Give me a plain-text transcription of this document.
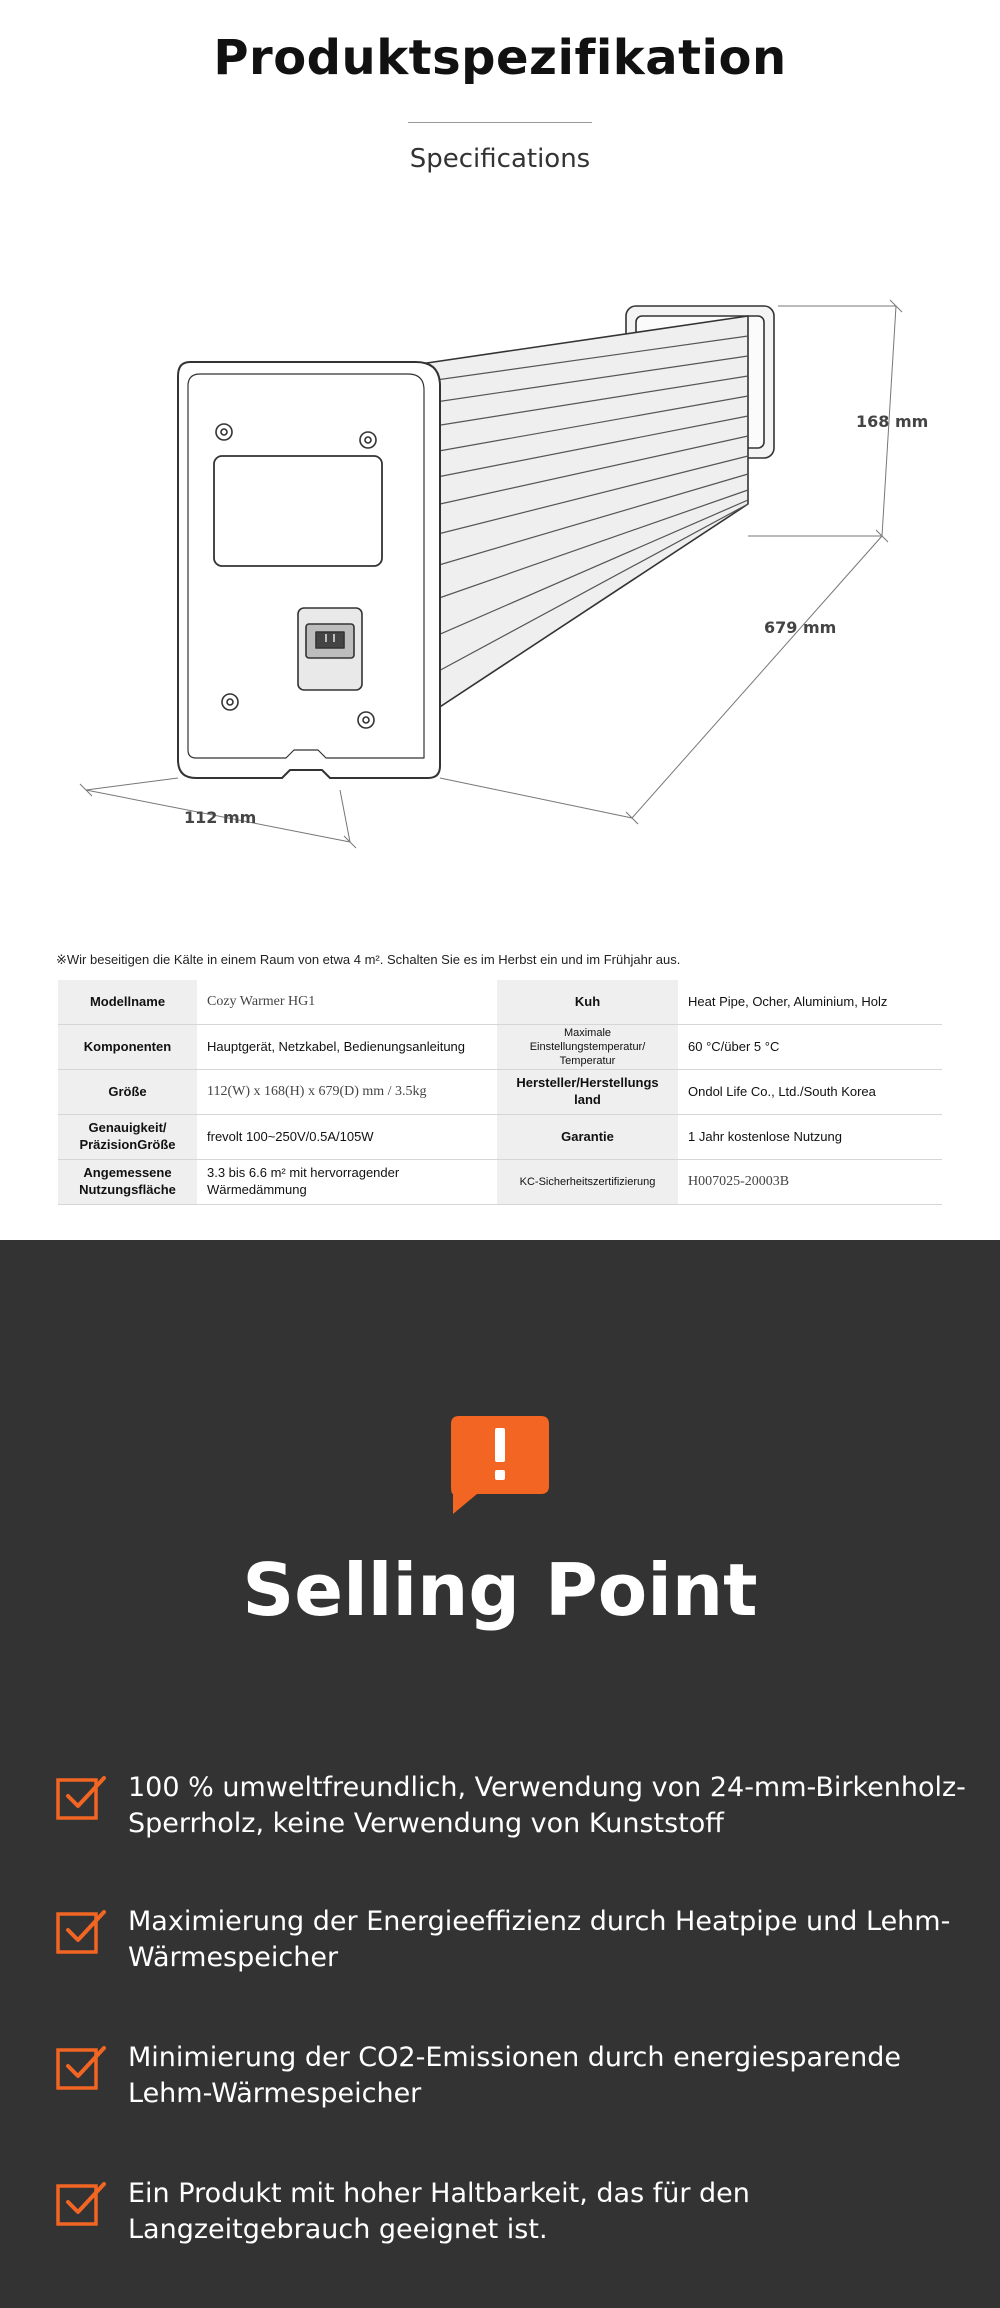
Produktspezifikation
Specifications
168 mm
679 mm
112 mm
※Wir beseitigen die Kälte in einem Raum von etwa 4 m². Schalten Sie es im Herbst ein und im Frühjahr aus.
Modellname	Cozy Warmer HG1	Kuh	Heat Pipe, Ocher, Aluminium, Holz
Komponenten	Hauptgerät, Netzkabel, Bedienungsanleitung	Maximale Einstellungstemperatur/ Temperatur	60 °C/über 5 °C
Größe	112(W) x 168(H) x 679(D) mm / 3.5kg	Hersteller/Herstellungs land	Ondol Life Co., Ltd./South Korea
Genauigkeit/ PräzisionGröße	frevolt 100~250V/0.5A/105W	Garantie	1 Jahr kostenlose Nutzung
Angemessene Nutzungsfläche	3.3 bis 6.6 m² mit hervorragender Wärmedämmung	KC-Sicherheitszertifizierung	H007025-20003B
Selling Point
100 % umweltfreundlich, Verwendung von 24-mm-Birkenholz-Sperrholz, keine Verwendung von Kunststoff
Maximierung der Energieeffizienz durch Heatpipe und Lehm-Wärmespeicher
Minimierung der CO2-Emissionen durch energiesparende Lehm-Wärmespeicher
Ein Produkt mit hoher Haltbarkeit, das für den Langzeitgebrauch geeignet ist.
